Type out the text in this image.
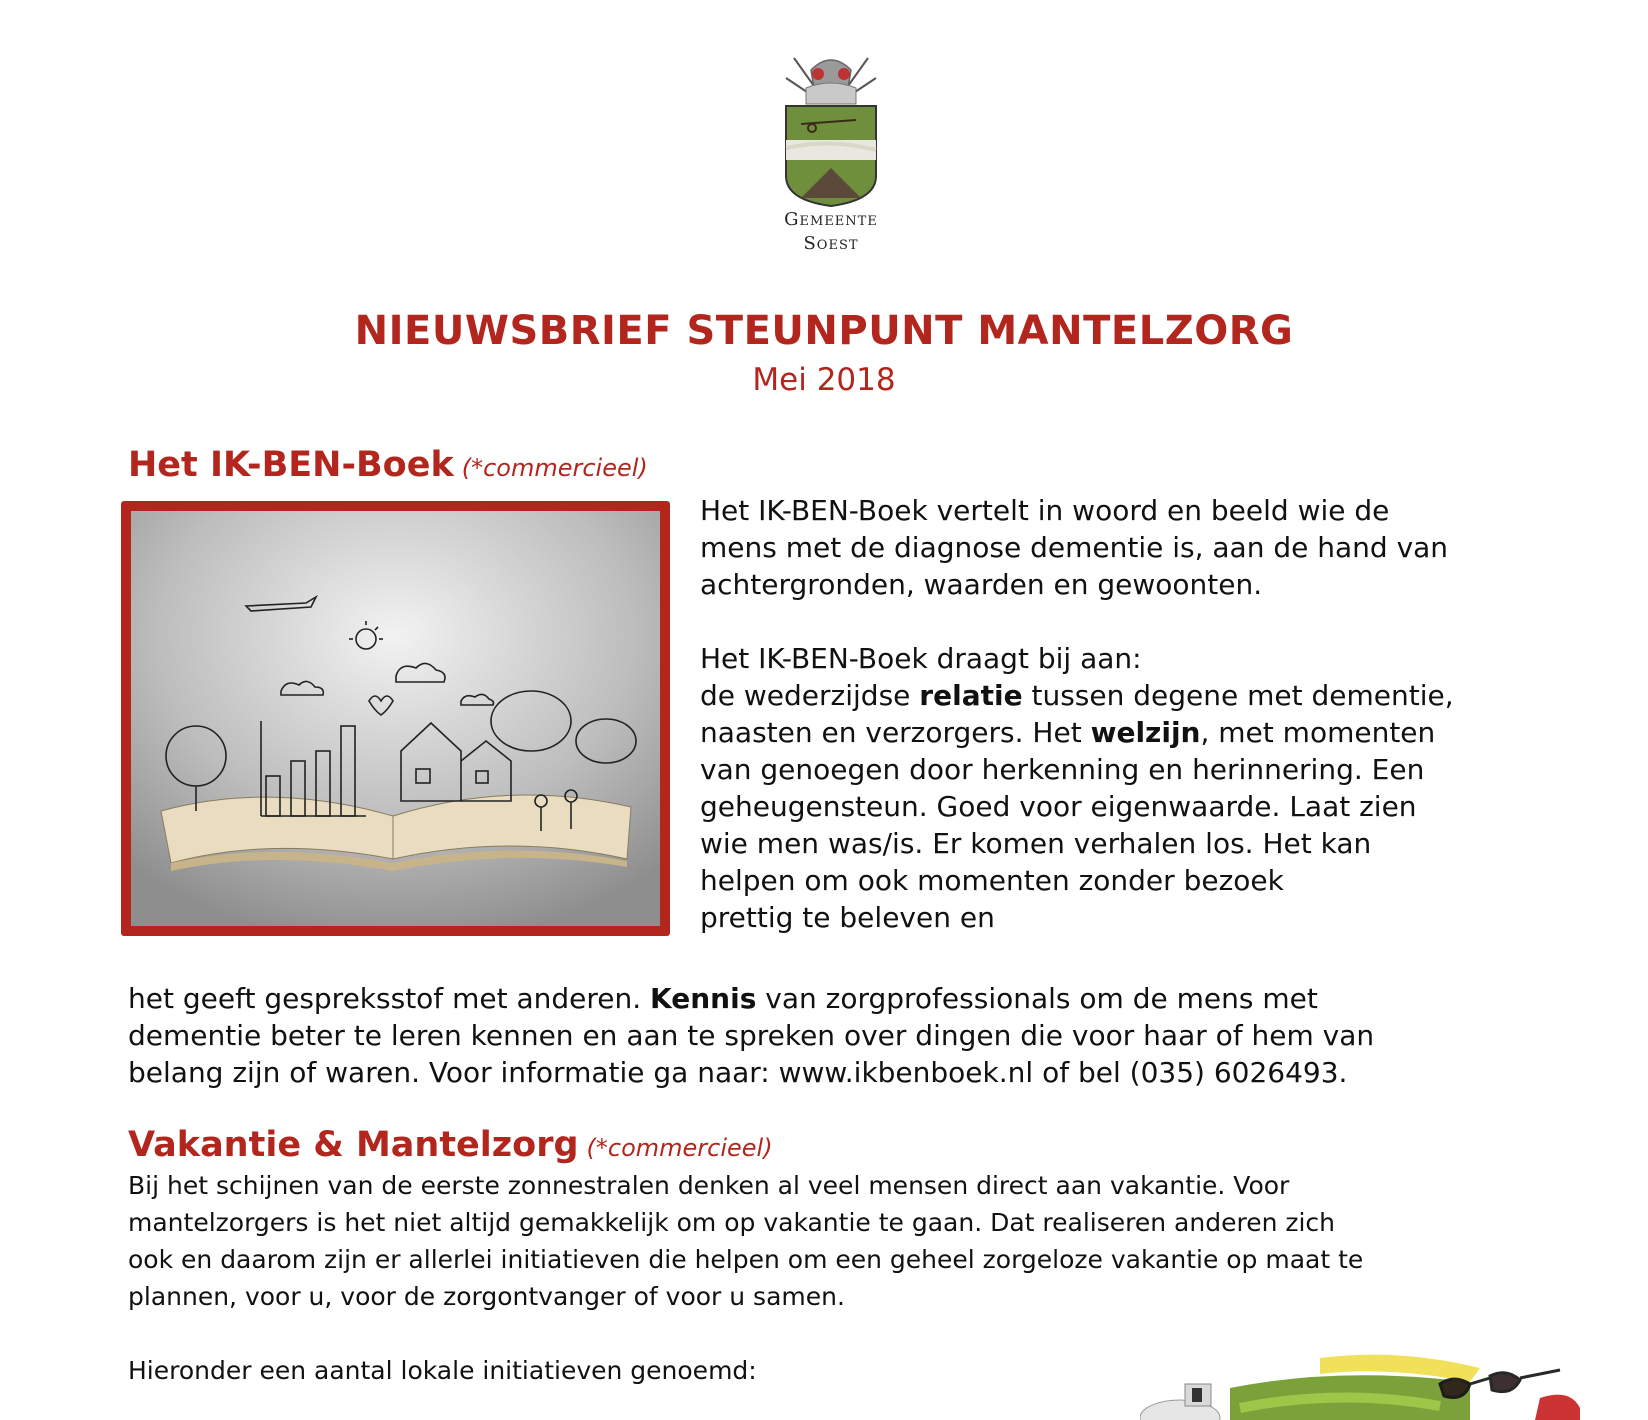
Gemeente
Soest
NIEUWSBRIEF STEUNPUNT MANTELZORG
Mei 2018
Het IK-BEN-Boek (*commercieel)
Het IK-BEN-Boek vertelt in woord en beeld wie de
mens met de diagnose dementie is, aan de hand van
achtergronden, waarden en gewoonten.
Het IK-BEN-Boek draagt bij aan:
de wederzijdse relatie tussen degene met dementie,
naasten en verzorgers. Het welzijn, met momenten
van genoegen door herkenning en herinnering. Een
geheugensteun. Goed voor eigenwaarde. Laat zien
wie men was/is. Er komen verhalen los. Het kan
helpen om ook momenten zonder bezoek
prettig te beleven en
het geeft gespreksstof met anderen. Kennis van zorgprofessionals om de mens met
dementie beter te leren kennen en aan te spreken over dingen die voor haar of hem van
belang zijn of waren. Voor informatie ga naar: www.ikbenboek.nl of bel (035) 6026493.
Vakantie & Mantelzorg (*commercieel)
Bij het schijnen van de eerste zonnestralen denken al veel mensen direct aan vakantie. Voor
mantelzorgers is het niet altijd gemakkelijk om op vakantie te gaan. Dat realiseren anderen zich
ook en daarom zijn er allerlei initiatieven die helpen om een geheel zorgeloze vakantie op maat te
plannen, voor u, voor de zorgontvanger of voor u samen.
Hieronder een aantal lokale initiatieven genoemd:
